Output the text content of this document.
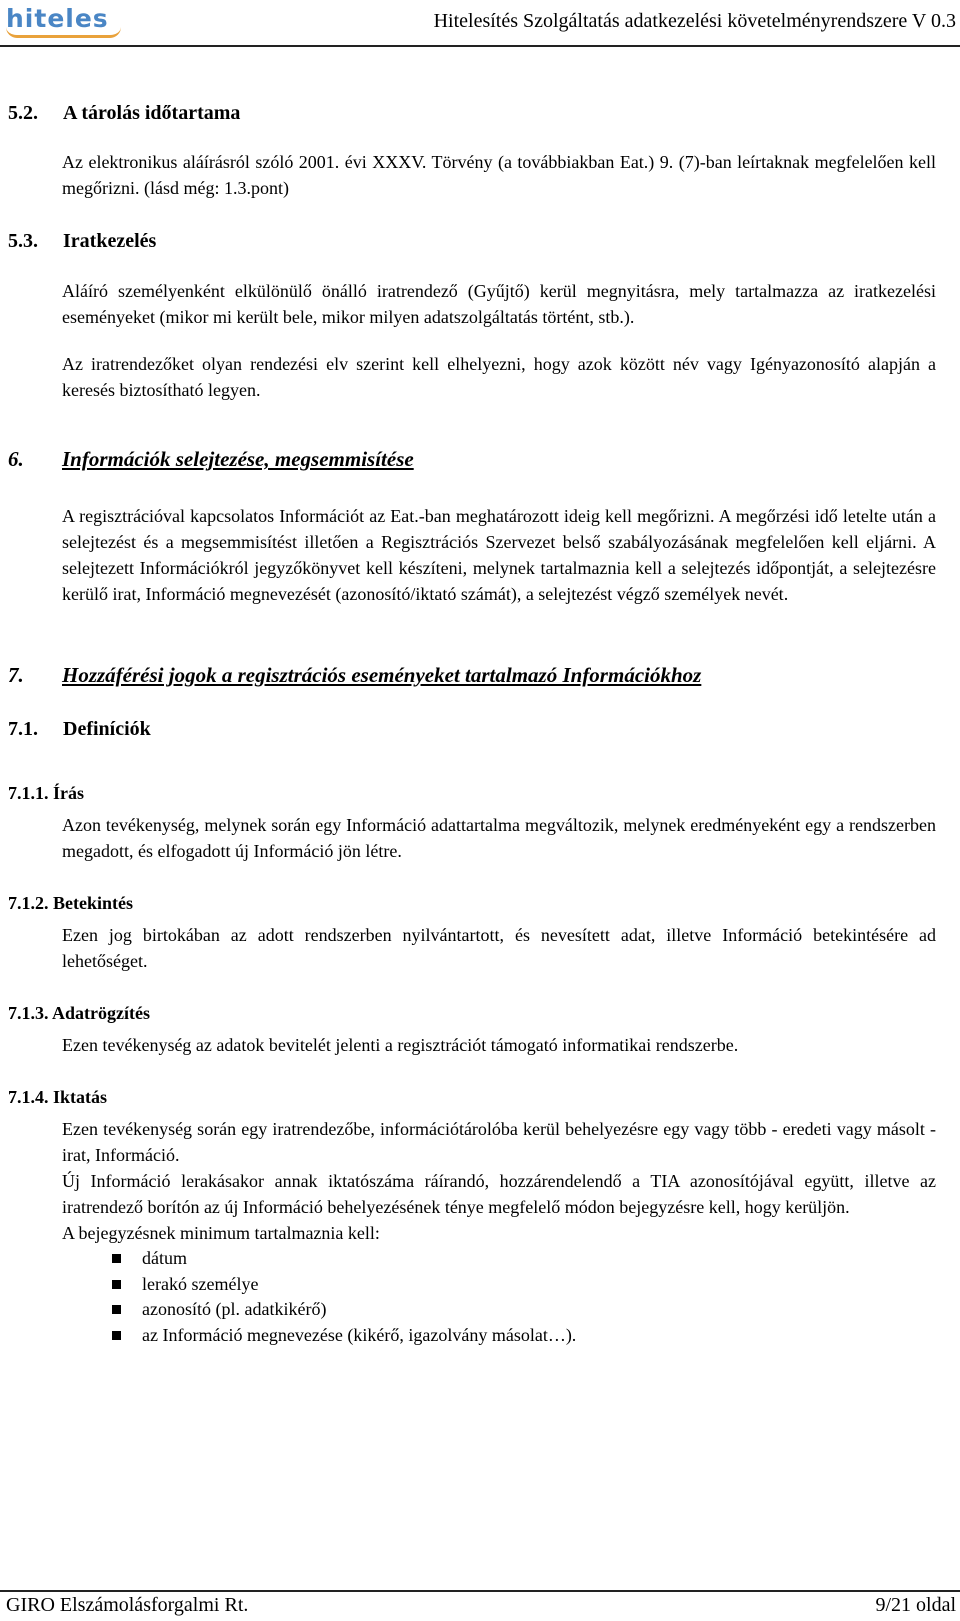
hiteles	Hitelesítés Szolgáltatás adatkezelési követelményrendszere V 0.3

5.2. A tárolás időtartama

Az elektronikus aláírásról szóló 2001. évi XXXV. Törvény (a továbbiakban Eat.) 9. (7)-ban leírtaknak megfelelően kell megőrizni. (lásd még: 1.3.pont)

5.3. Iratkezelés

Aláíró személyenként elkülönülő önálló iratrendező (Gyűjtő) kerül megnyitásra, mely tartalmazza az iratkezelési eseményeket (mikor mi került bele, mikor milyen adatszolgáltatás történt, stb.).

Az iratrendezőket olyan rendezési elv szerint kell elhelyezni, hogy azok között név vagy Igényazonosító alapján a keresés biztosítható legyen.

6. Információk selejtezése, megsemmisítése

A regisztrációval kapcsolatos Információt az Eat.-ban meghatározott ideig kell megőrizni. A megőrzési idő letelte után a selejtezést és a megsemmisítést illetően a Regisztrációs Szervezet belső szabályozásának megfelelően kell eljárni. A selejtezett Információkról jegyzőkönyvet kell készíteni, melynek tartalmaznia kell a selejtezés időpontját, a selejtezésre kerülő irat, Információ megnevezését (azonosító/iktató számát), a selejtezést végző személyek nevét.

7. Hozzáférési jogok a regisztrációs eseményeket tartalmazó Információkhoz

7.1. Definíciók

7.1.1. Írás

Azon tevékenység, melynek során egy Információ adattartalma megváltozik, melynek eredményeként egy a rendszerben megadott, és elfogadott új Információ jön létre.

7.1.2. Betekintés

Ezen jog birtokában az adott rendszerben nyilvántartott, és nevesített adat, illetve Információ betekintésére ad lehetőséget.

7.1.3. Adatrögzítés

Ezen tevékenység az adatok bevitelét jelenti a regisztrációt támogató informatikai rendszerbe.

7.1.4. Iktatás

Ezen tevékenység során egy iratrendezőbe, információtárolóba kerül behelyezésre egy vagy több - eredeti vagy másolt - irat, Információ.

Új Információ lerakásakor annak iktatószáma ráírandó, hozzárendelendő a TIA azonosítójával együtt, illetve az iratrendező borítón az új Információ behelyezésének ténye megfelelő módon bejegyzésre kell, hogy kerüljön.

A bejegyzésnek minimum tartalmaznia kell:

dátum
lerakó személye
azonosító (pl. adatkikérő)
az Információ megnevezése (kikérő, igazolvány másolat…).
GIRO Elszámolásforgalmi Rt.	9/21 oldal
